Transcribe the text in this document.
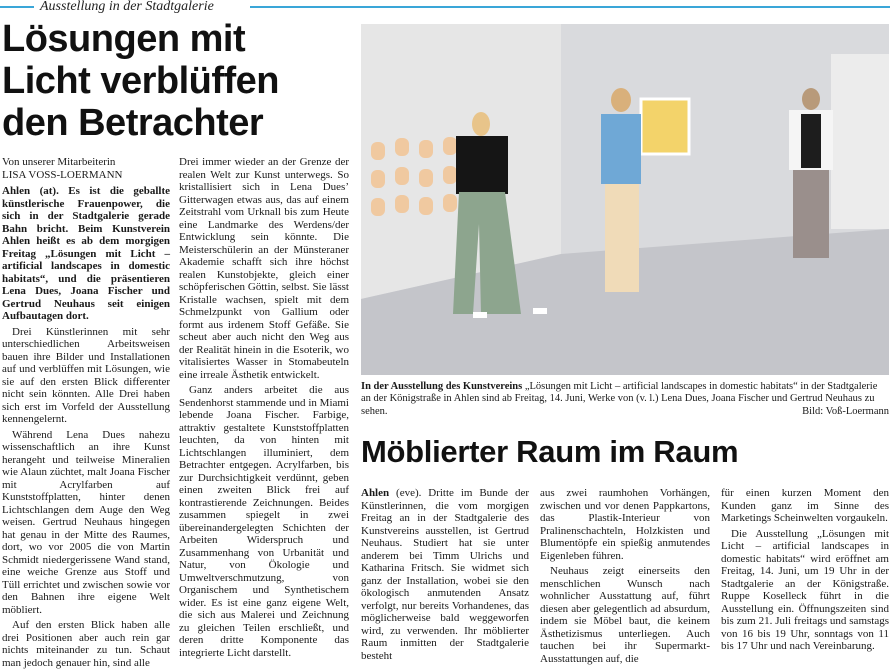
Ausstellung in der Stadtgalerie
Lösungen mit
Licht verblüffen
den Betrachter
Von unserer Mitarbeiterin
LISA VOSS-LOERMANN

Ahlen (at). Es ist die geballte künstlerische Frauenpower, die sich in der Stadtgalerie gerade Bahn bricht. Beim Kunstverein Ahlen heißt es ab dem morgigen Freitag „Lösungen mit Licht – artificial landscapes in domestic habitats“, und die präsentieren Lena Dues, Joana Fischer und Gertrud Neuhaus seit einigen Aufbautagen dort.

Drei Künstlerinnen mit sehr unterschiedlichen Arbeitsweisen bauen ihre Bilder und Installationen auf und verblüffen mit Lösungen, wie sie auf den ersten Blick differenter nicht sein könnten. Alle Drei haben sich erst im Vorfeld der Ausstellung kennengelernt.

Während Lena Dues nahezu wissenschaftlich an ihre Kunst herangeht und teilweise Mineralien wie Alaun züchtet, malt Joana Fischer mit Acrylfarben auf Kunststoffplatten, hinter denen Lichtschlangen dem Auge den Weg weisen. Gertrud Neuhaus hingegen hat genau in der Mitte des Raumes, dort, wo vor 2005 die von Martin Schmidt niedergerissene Wand stand, eine weiche Grenze aus Stoff und Tüll errichtet und zwischen sowie vor den Bahnen ihre eigene Welt möbliert.

Auf den ersten Blick haben alle drei Positionen aber auch rein gar nichts miteinander zu tun. Schaut man jedoch genauer hin, sind alle

Drei immer wieder an der Grenze der realen Welt zur Kunst unterwegs. So kristallisiert sich in Lena Dues’ Gitterwagen etwas aus, das auf einem Zeitstrahl vom Urknall bis zum Heute eine Landmarke des Werdens/der Entwicklung sein könnte. Die Meisterschülerin an der Münsteraner Akademie schafft sich ihre höchst realen Kunstobjekte, gleich einer schöpferischen Göttin, selbst. Sie lässt Kristalle wachsen, spielt mit dem Schmelzpunkt von Gallium oder formt aus irdenem Stoff Gefäße. Sie scheut aber auch nicht den Weg aus der Realität hinein in die Esoterik, wo vitalisiertes Wasser in Stomabeuteln eine irreale Ästhetik entwickelt.

Ganz anders arbeitet die aus Sendenhorst stammende und in Miami lebende Joana Fischer. Farbige, attraktiv gestaltete Kunststoffplatten leuchten, da von hinten mit Lichtschlangen illuminiert, dem Betrachter entgegen. Acrylfarben, bis zur Durchsichtigkeit verdünnt, geben einen zweiten Blick frei auf kontrastierende Zeichnungen. Beides zusammen spiegelt in zwei übereinandergelegten Schichten der Arbeiten Widerspruch und Zusammenhang von Urbanität und Natur, von Ökologie und Umweltverschmutzung, von Organischem und Synthetischem wider. Es ist eine ganz eigene Welt, die sich aus Malerei und Zeichnung zu gleichen Teilen erschließt, und deren dritte Komponente das integrierte Licht darstellt.

In der Ausstellung des Kunstvereins „Lösungen mit Licht – artificial landscapes in domestic habitats“ in der Stadtgalerie an der Königstraße in Ahlen sind ab Freitag, 14. Juni, Werke von (v. l.) Lena Dues, Joana Fischer und Gertrud Neuhaus zu sehen.	Bild: Voß-Loermann
Möblierter Raum im Raum

Ahlen (eve). Dritte im Bunde der Künstlerinnen, die vom morgigen Freitag an in der Stadtgalerie des Kunstvereins ausstellen, ist Gertrud Neuhaus. Studiert hat sie unter anderem bei Timm Ulrichs und Katharina Fritsch. Sie widmet sich ganz der Installation, wobei sie den ökologisch anmutenden Ansatz verfolgt, nur bereits Vorhandenes, das möglicherweise bald weggeworfen wird, zu verwenden. Ihr möblierter Raum inmitten der Stadtgalerie besteht

aus zwei raumhohen Vorhängen, zwischen und vor denen Pappkartons, das Plastik-Interieur von Pralinenschachteln, Holzkisten und Blumentöpfe ein spießig anmutendes Eigenleben führen.

Neuhaus zeigt einerseits den menschlichen Wunsch nach wohnlicher Ausstattung auf, führt diesen aber gelegentlich ad absurdum, indem sie Möbel baut, die keinem Ästhetizismus unterliegen. Auch tauchen bei ihr Supermarkt-Ausstattungen auf, die

für einen kurzen Moment den Kunden ganz im Sinne des Marketings Scheinwelten vorgaukeln.

Die Ausstellung „Lösungen mit Licht – artificial landscapes in domestic habitats“ wird eröffnet am Freitag, 14. Juni, um 19 Uhr in der Stadtgalerie an der Königstraße. Ruppe Koselleck führt in die Ausstellung ein. Öffnungszeiten sind bis zum 21. Juli freitags und samstags von 16 bis 19 Uhr, sonntags von 11 bis 17 Uhr und nach Vereinbarung.
